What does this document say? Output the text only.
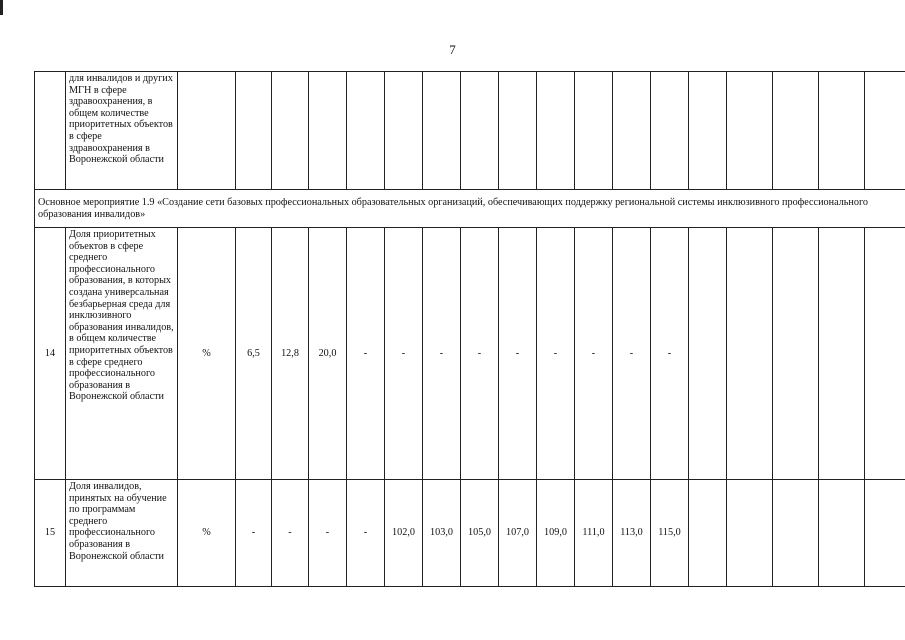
7
	для инвалидов и других МГН в сфере здравоохранения, в общем количестве приоритетных объектов в сфере здравоохранения в Воронежской области																		
Основное мероприятие 1.9 «Создание сети базовых профессиональных образовательных организаций, обеспечивающих поддержку региональной системы инклюзивного профессионального образования инвалидов»																			
14	Доля приоритетных объектов в сфере среднего профессионального образования, в которых создана универсальная безбарьерная среда для инклюзивного образования инвалидов, в общем количестве приоритетных объектов в сфере среднего профессионального образования в Воронежской области	%	6,5	12,8	20,0	-	-	-	-	-	-	-	-	-					
15	Доля инвалидов, принятых на обучение по программам среднего профессионального образования в Воронежской области	%	-	-	-	-	102,0	103,0	105,0	107,0	109,0	111,0	113,0	115,0					
